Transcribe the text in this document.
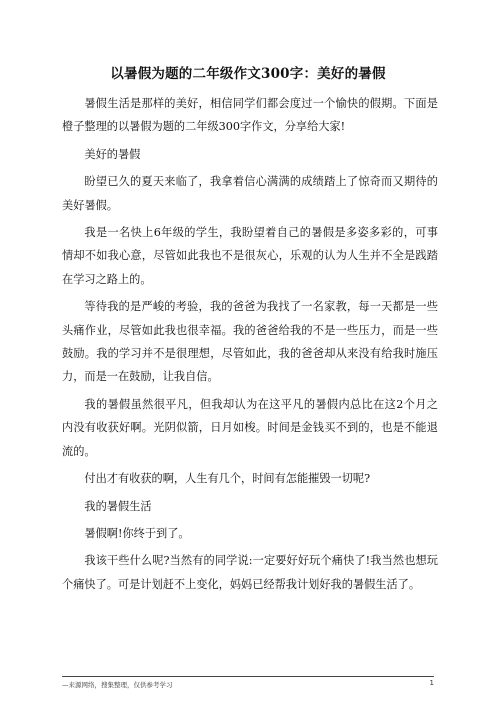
以暑假为题的二年级作文300字：美好的暑假

暑假生活是那样的美好，相信同学们都会度过一个愉快的假期。下面是橙子整理的以暑假为题的二年级300字作文，分享给大家!

美好的暑假

盼望已久的夏天来临了，我拿着信心满满的成绩踏上了惊奇而又期待的美好暑假。

我是一名快上6年级的学生，我盼望着自己的暑假是多姿多彩的，可事情却不如我心意，尽管如此我也不是很灰心，乐观的认为人生并不全是践踏在学习之路上的。

等待我的是严峻的考验，我的爸爸为我找了一名家教，每一天都是一些头痛作业，尽管如此我也很幸福。我的爸爸给我的不是一些压力，而是一些鼓励。我的学习并不是很理想，尽管如此，我的爸爸却从来没有给我时施压力，而是一在鼓励，让我自信。

我的暑假虽然很平凡，但我却认为在这平凡的暑假内总比在这2个月之内没有收获好啊。光阴似箭，日月如梭。时间是金钱买不到的，也是不能退流的。

付出才有收获的啊，人生有几个，时间有怎能摧毁一切呢?

我的暑假生活

暑假啊!你终于到了。

我该干些什么呢?当然有的同学说:一定要好好玩个痛快了!我当然也想玩个痛快了。可是计划赶不上变化，妈妈已经帮我计划好我的暑假生活了。

—来源网络，搜集整理，仅供参考学习	1
